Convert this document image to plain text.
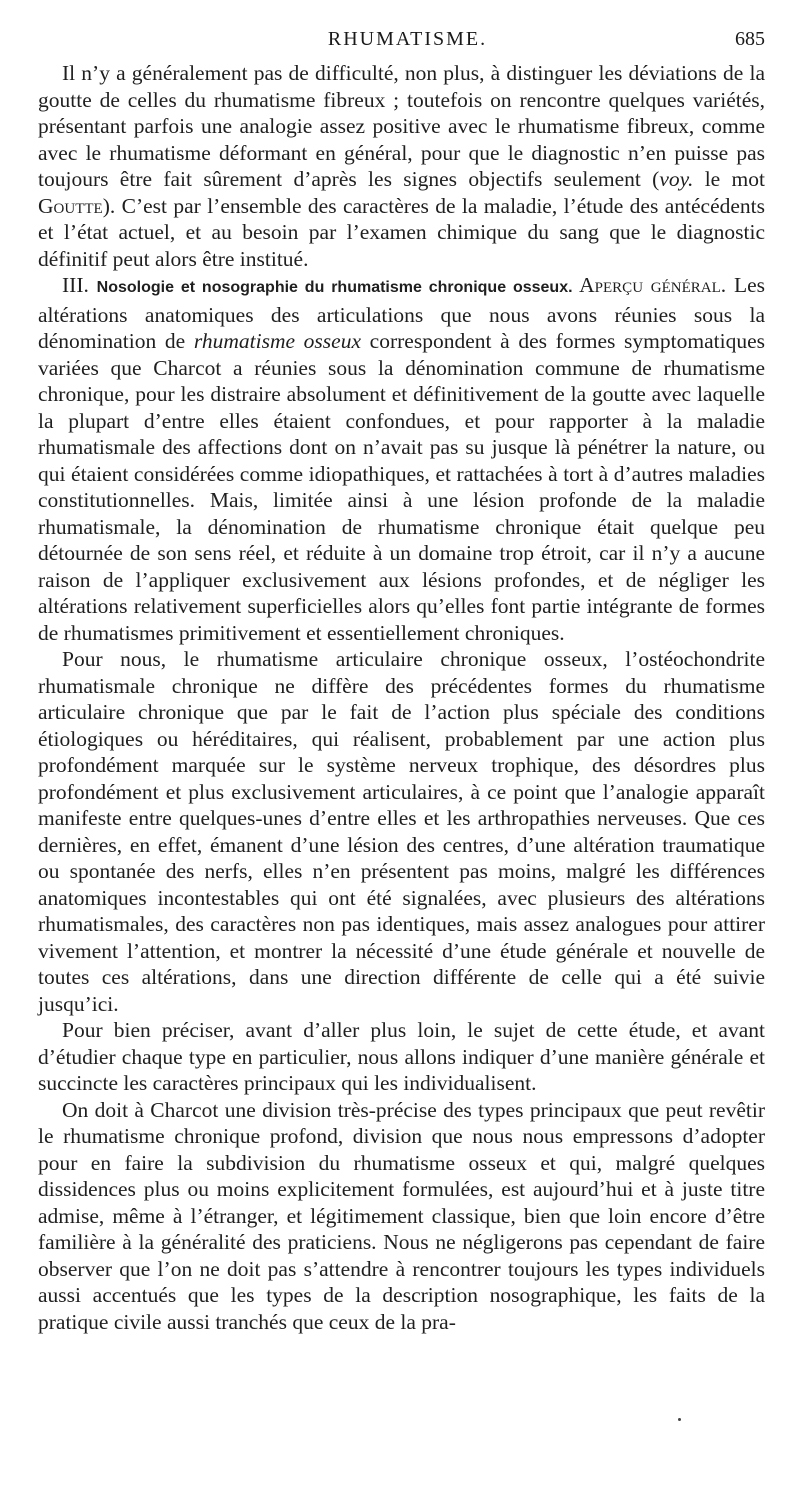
RHUMATISME.	685

Il n’y a généralement pas de difficulté, non plus, à distinguer les déviations de la goutte de celles du rhumatisme fibreux ; toutefois on rencontre quelques variétés, présentant parfois une analogie assez positive avec le rhumatisme fibreux, comme avec le rhumatisme déformant en général, pour que le diagnostic n’en puisse pas toujours être fait sûrement d’après les signes objectifs seulement (voy. le mot Goutte). C’est par l’ensemble des caractères de la maladie, l’étude des antécédents et l’état actuel, et au besoin par l’examen chimique du sang que le diagnostic définitif peut alors être institué.

III. Nosologie et nosographie du rhumatisme chronique osseux. Aperçu général. Les altérations anatomiques des articulations que nous avons réunies sous la dénomination de rhumatisme osseux correspondent à des formes symptomatiques variées que Charcot a réunies sous la dénomination commune de rhumatisme chronique, pour les distraire absolument et définitivement de la goutte avec laquelle la plupart d’entre elles étaient confondues, et pour rapporter à la maladie rhumatismale des affections dont on n’avait pas su jusque là pénétrer la nature, ou qui étaient considérées comme idiopathiques, et rattachées à tort à d’autres maladies constitutionnelles. Mais, limitée ainsi à une lésion profonde de la maladie rhumatismale, la dénomination de rhumatisme chronique était quelque peu détournée de son sens réel, et réduite à un domaine trop étroit, car il n’y a aucune raison de l’appliquer exclusivement aux lésions profondes, et de négliger les altérations relativement superficielles alors qu’elles font partie intégrante de formes de rhumatismes primitivement et essentiellement chroniques.

Pour nous, le rhumatisme articulaire chronique osseux, l’ostéochondrite rhumatismale chronique ne diffère des précédentes formes du rhumatisme articulaire chronique que par le fait de l’action plus spéciale des conditions étiologiques ou héréditaires, qui réalisent, probablement par une action plus profondément marquée sur le système nerveux trophique, des désordres plus profondément et plus exclusivement articulaires, à ce point que l’analogie apparaît manifeste entre quelques-unes d’entre elles et les arthropathies nerveuses. Que ces dernières, en effet, émanent d’une lésion des centres, d’une altération traumatique ou spontanée des nerfs, elles n’en présentent pas moins, malgré les différences anatomiques incontestables qui ont été signalées, avec plusieurs des altérations rhumatismales, des caractères non pas identiques, mais assez analogues pour attirer vivement l’attention, et montrer la nécessité d’une étude générale et nouvelle de toutes ces altérations, dans une direction différente de celle qui a été suivie jusqu’ici.

Pour bien préciser, avant d’aller plus loin, le sujet de cette étude, et avant d’étudier chaque type en particulier, nous allons indiquer d’une manière générale et succincte les caractères principaux qui les individualisent.

On doit à Charcot une division très-précise des types principaux que peut revêtir le rhumatisme chronique profond, division que nous nous empressons d’adopter pour en faire la subdivision du rhumatisme osseux et qui, malgré quelques dissidences plus ou moins explicitement formulées, est aujourd’hui et à juste titre admise, même à l’étranger, et légitimement classique, bien que loin encore d’être familière à la généralité des praticiens. Nous ne négligerons pas cependant de faire observer que l’on ne doit pas s’attendre à rencontrer toujours les types individuels aussi accentués que les types de la description nosographique, les faits de la pratique civile aussi tranchés que ceux de la pra-
